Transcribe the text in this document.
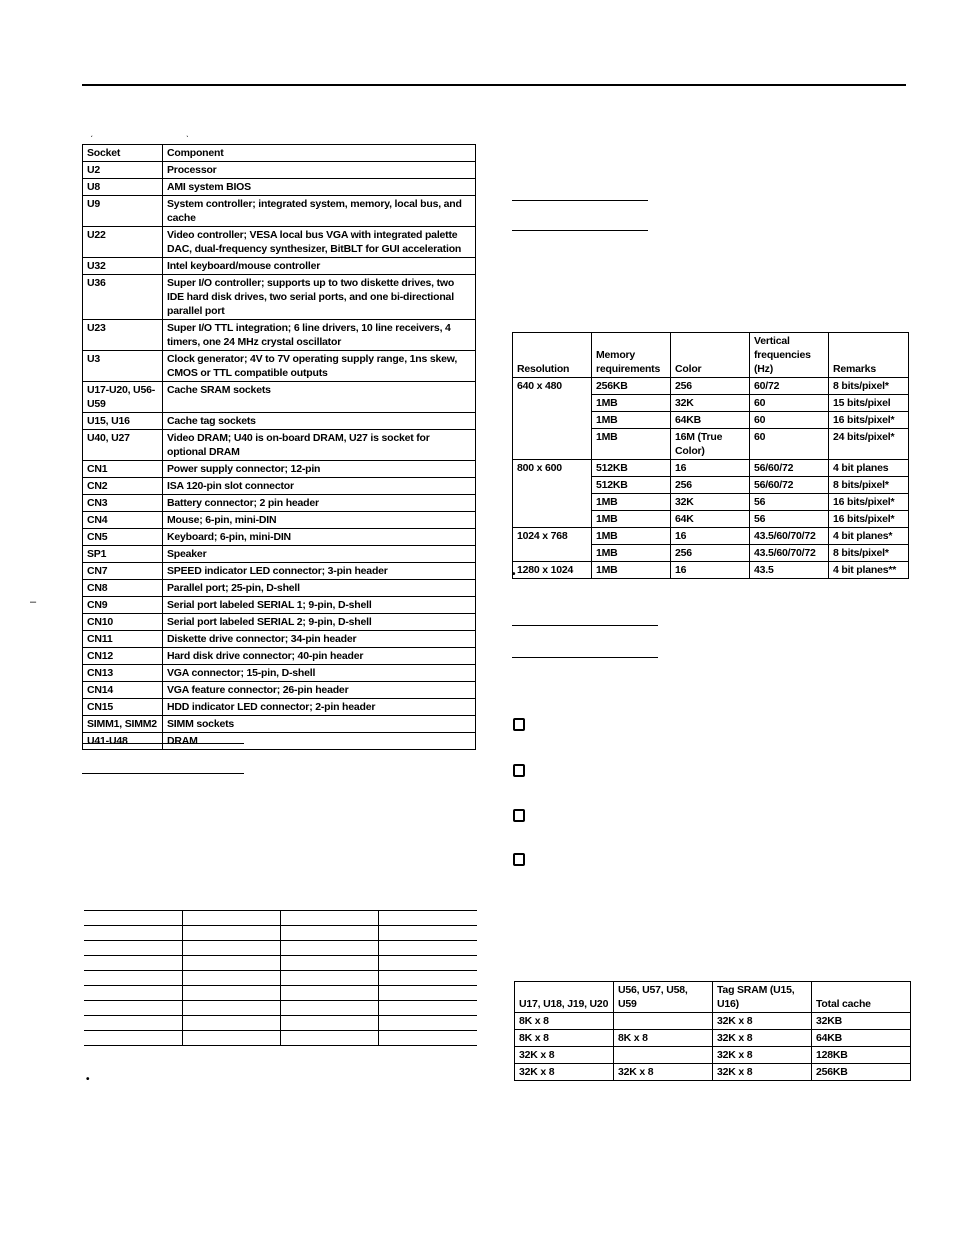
ˏ	ˎ
–
Socket	Component
U2	Processor
U8	AMI system BIOS
U9	System controller; integrated system, memory, local bus, and cache
U22	Video controller; VESA local bus VGA with integrated palette DAC, dual-frequency synthesizer, BitBLT for GUI acceleration
U32	Intel keyboard/mouse controller
U36	Super I/O controller; supports up to two diskette drives, two IDE hard disk drives, two serial ports, and one bi-directional parallel port
U23	Super I/O TTL integration; 6 line drivers, 10 line receivers, 4 timers, one 24 MHz crystal oscillator
U3	Clock generator; 4V to 7V operating supply range, 1ns skew, CMOS or TTL compatible outputs
U17-U20, U56-U59	Cache SRAM sockets
U15, U16	Cache tag sockets
U40, U27	Video DRAM; U40 is on-board DRAM, U27 is socket for optional DRAM
CN1	Power supply connector; 12-pin
CN2	ISA 120-pin slot connector
CN3	Battery connector; 2 pin header
CN4	Mouse; 6-pin, mini-DIN
CN5	Keyboard; 6-pin, mini-DIN
SP1	Speaker
CN7	SPEED indicator LED connector; 3-pin header
CN8	Parallel port; 25-pin, D-shell
CN9	Serial port labeled SERIAL 1; 9-pin, D-shell
CN10	Serial port labeled SERIAL 2; 9-pin, D-shell
CN11	Diskette drive connector; 34-pin header
CN12	Hard disk drive connector; 40-pin header
CN13	VGA connector; 15-pin, D-shell
CN14	VGA feature connector; 26-pin header
CN15	HDD indicator LED connector; 2-pin header
SIMM1, SIMM2	SIMM sockets
U41-U48	DRAM

•
Resolution	Memory requirements	Color	Vertical frequencies (Hz)	Remarks
640 x 480	256KB	256	60/72	8 bits/pixel*
	1MB	32K	60	15 bits/pixel
	1MB	64KB	60	16 bits/pixel*
	1MB	16M (True Color)	60	24 bits/pixel*
800 x 600	512KB	16	56/60/72	4 bit planes
	512KB	256	56/60/72	8 bits/pixel*
	1MB	32K	56	16 bits/pixel*
	1MB	64K	56	16 bits/pixel*
1024 x 768	1MB	16	43.5/60/70/72	4 bit planes*
	1MB	256	43.5/60/70/72	8 bits/pixel*
1280 x 1024	1MB	16	43.5	4 bit planes**
•
U17, U18, J19, U20	U56, U57, U58, U59	Tag SRAM (U15, U16)	Total cache
8K x 8		32K x 8	32KB
8K x 8	8K x 8	32K x 8	64KB
32K x 8		32K x 8	128KB
32K x 8	32K x 8	32K x 8	256KB
